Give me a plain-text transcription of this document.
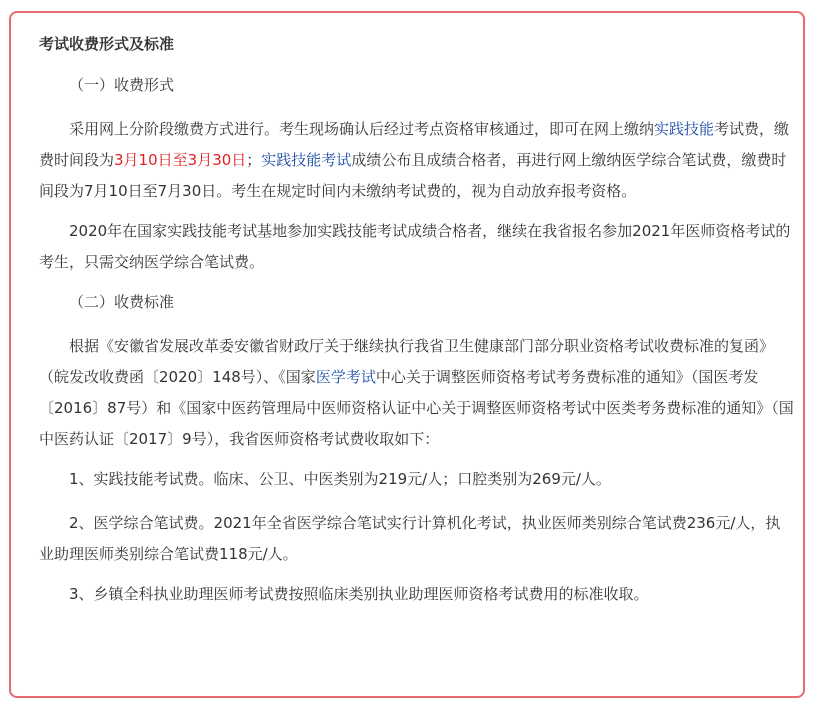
考试收费形式及标准

（一）收费形式

采用网上分阶段缴费方式进行。考生现场确认后经过考点资格审核通过，即可在网上缴纳实践技能考试费，缴费时间段为3月10日至3月30日；实践技能考试成绩公布且成绩合格者，再进行网上缴纳医学综合笔试费，缴费时间段为7月10日至7月30日。考生在规定时间内未缴纳考试费的，视为自动放弃报考资格。

2020年在国家实践技能考试基地参加实践技能考试成绩合格者，继续在我省报名参加2021年医师资格考试的考生，只需交纳医学综合笔试费。

（二）收费标准

根据《安徽省发展改革委安徽省财政厅关于继续执行我省卫生健康部门部分职业资格考试收费标准的复函》（皖发改收费函〔2020〕148号）、《国家医学考试中心关于调整医师资格考试考务费标准的通知》（国医考发〔2016〕87号）和《国家中医药管理局中医师资格认证中心关于调整医师资格考试中医类考务费标准的通知》（国中医药认证〔2017〕9号），我省医师资格考试费收取如下：

1、实践技能考试费。临床、公卫、中医类别为219元/人；口腔类别为269元/人。

2、医学综合笔试费。2021年全省医学综合笔试实行计算机化考试，执业医师类别综合笔试费236元/人，执业助理医师类别综合笔试费118元/人。

3、乡镇全科执业助理医师考试费按照临床类别执业助理医师资格考试费用的标准收取。
